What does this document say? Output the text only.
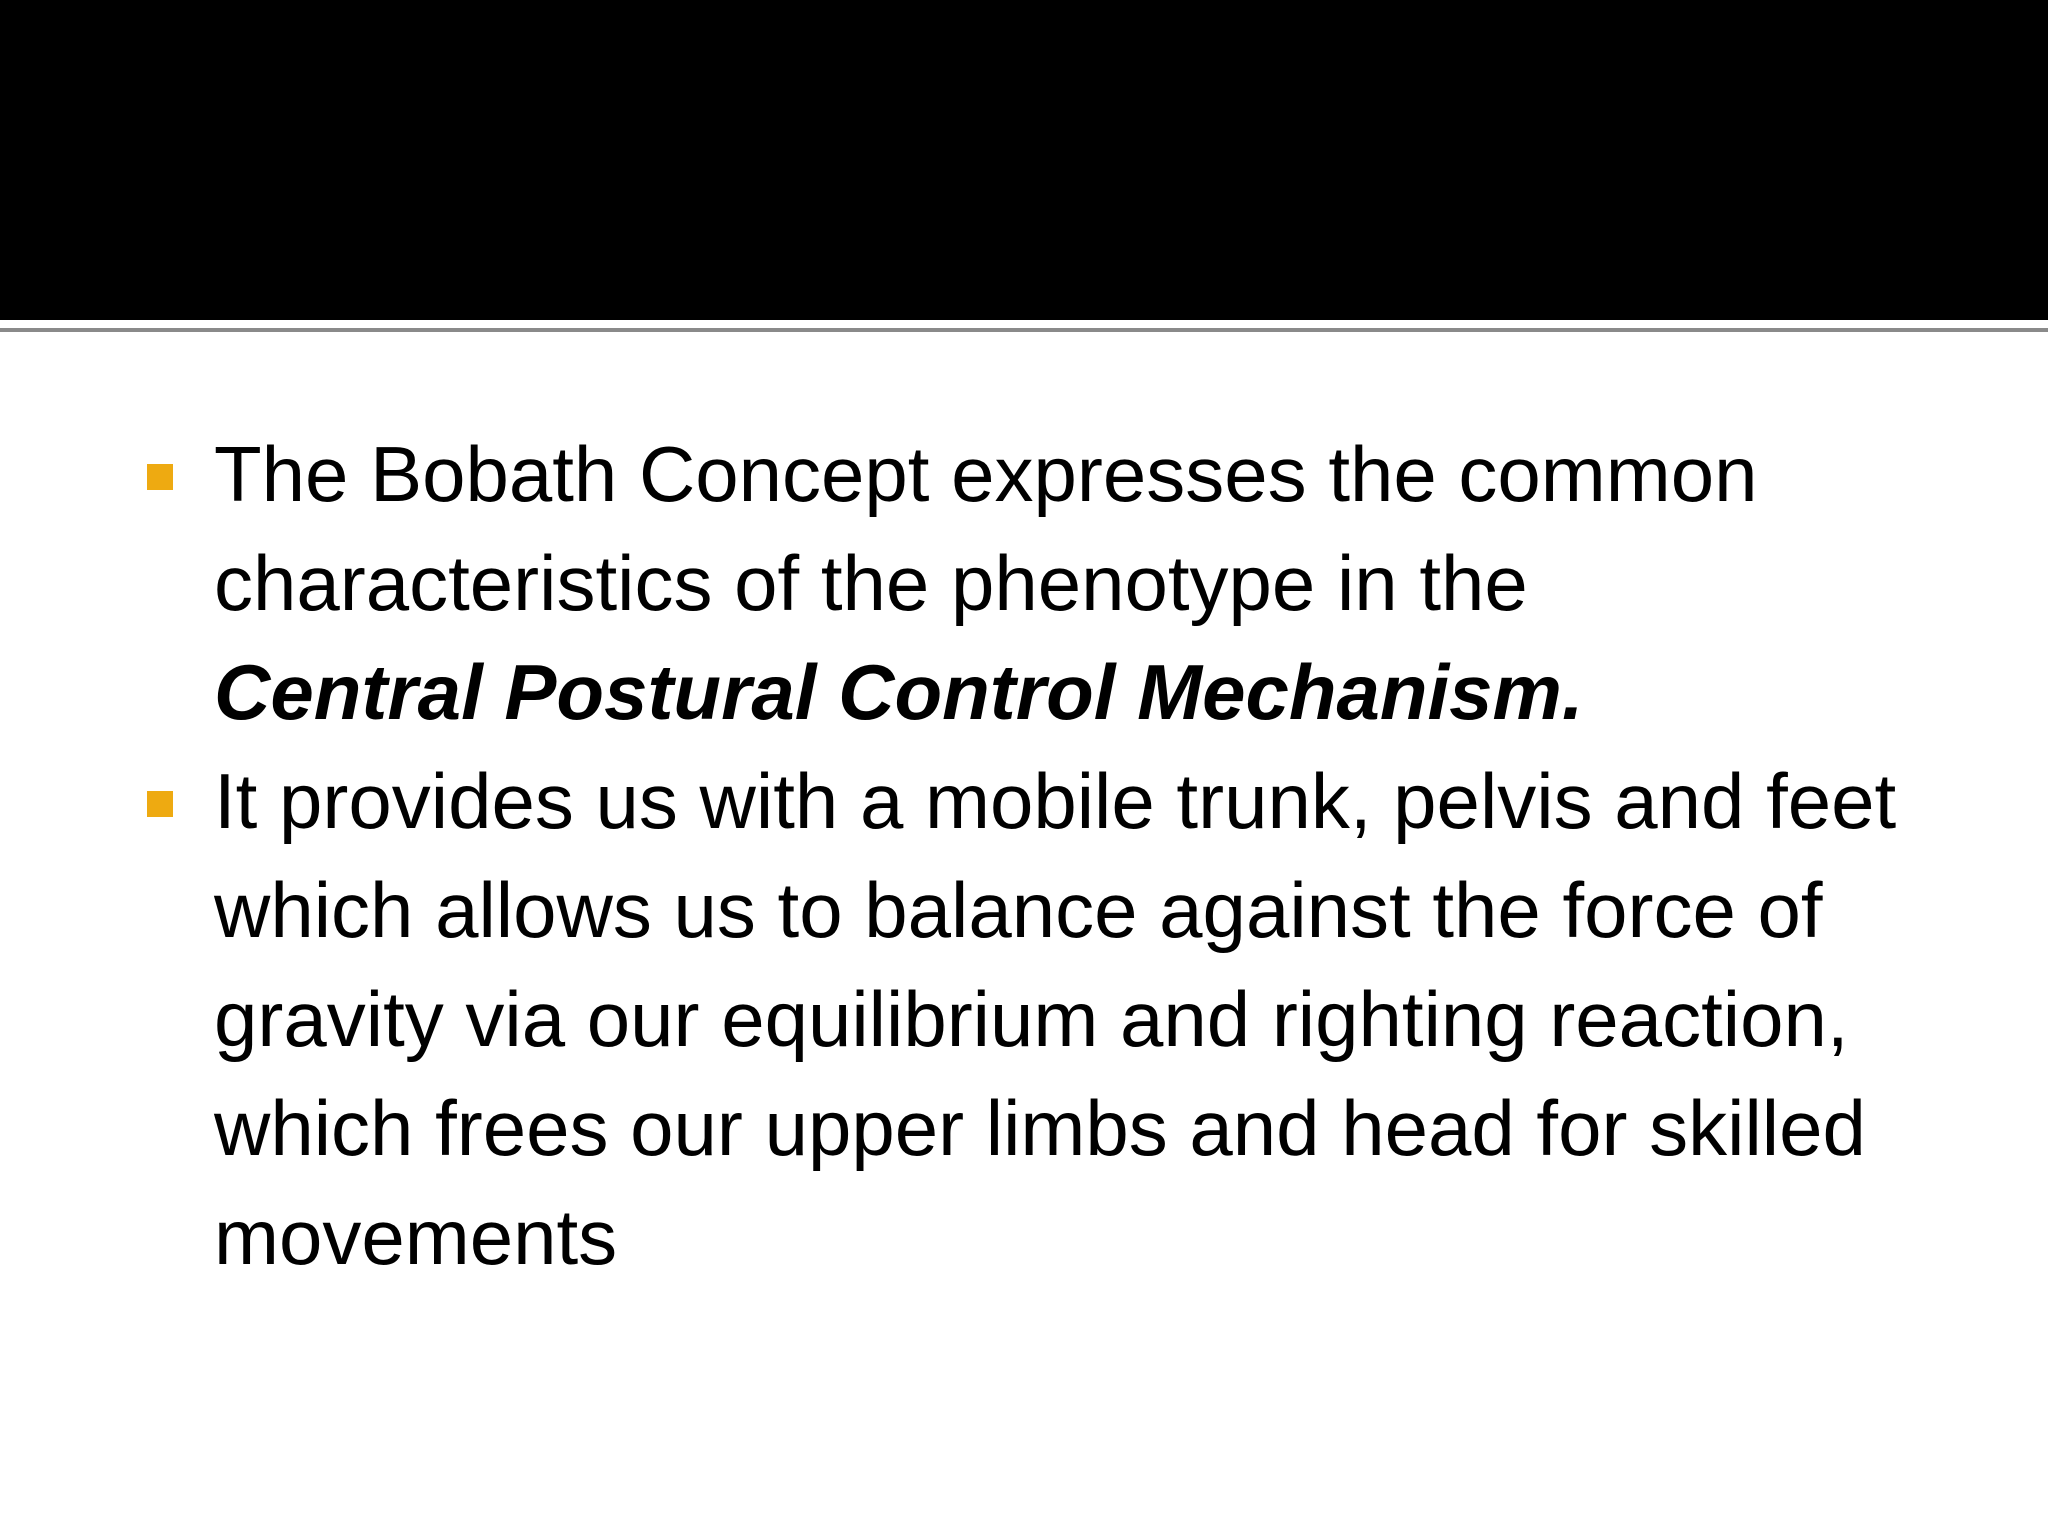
The Bobath Concept expresses the common characteristics of the phenotype in the
Central Postural Control Mechanism.
It provides us with a mobile trunk, pelvis and feet which allows us to balance against the force of gravity via our equilibrium and righting reaction, which frees our upper limbs and head for skilled movements
